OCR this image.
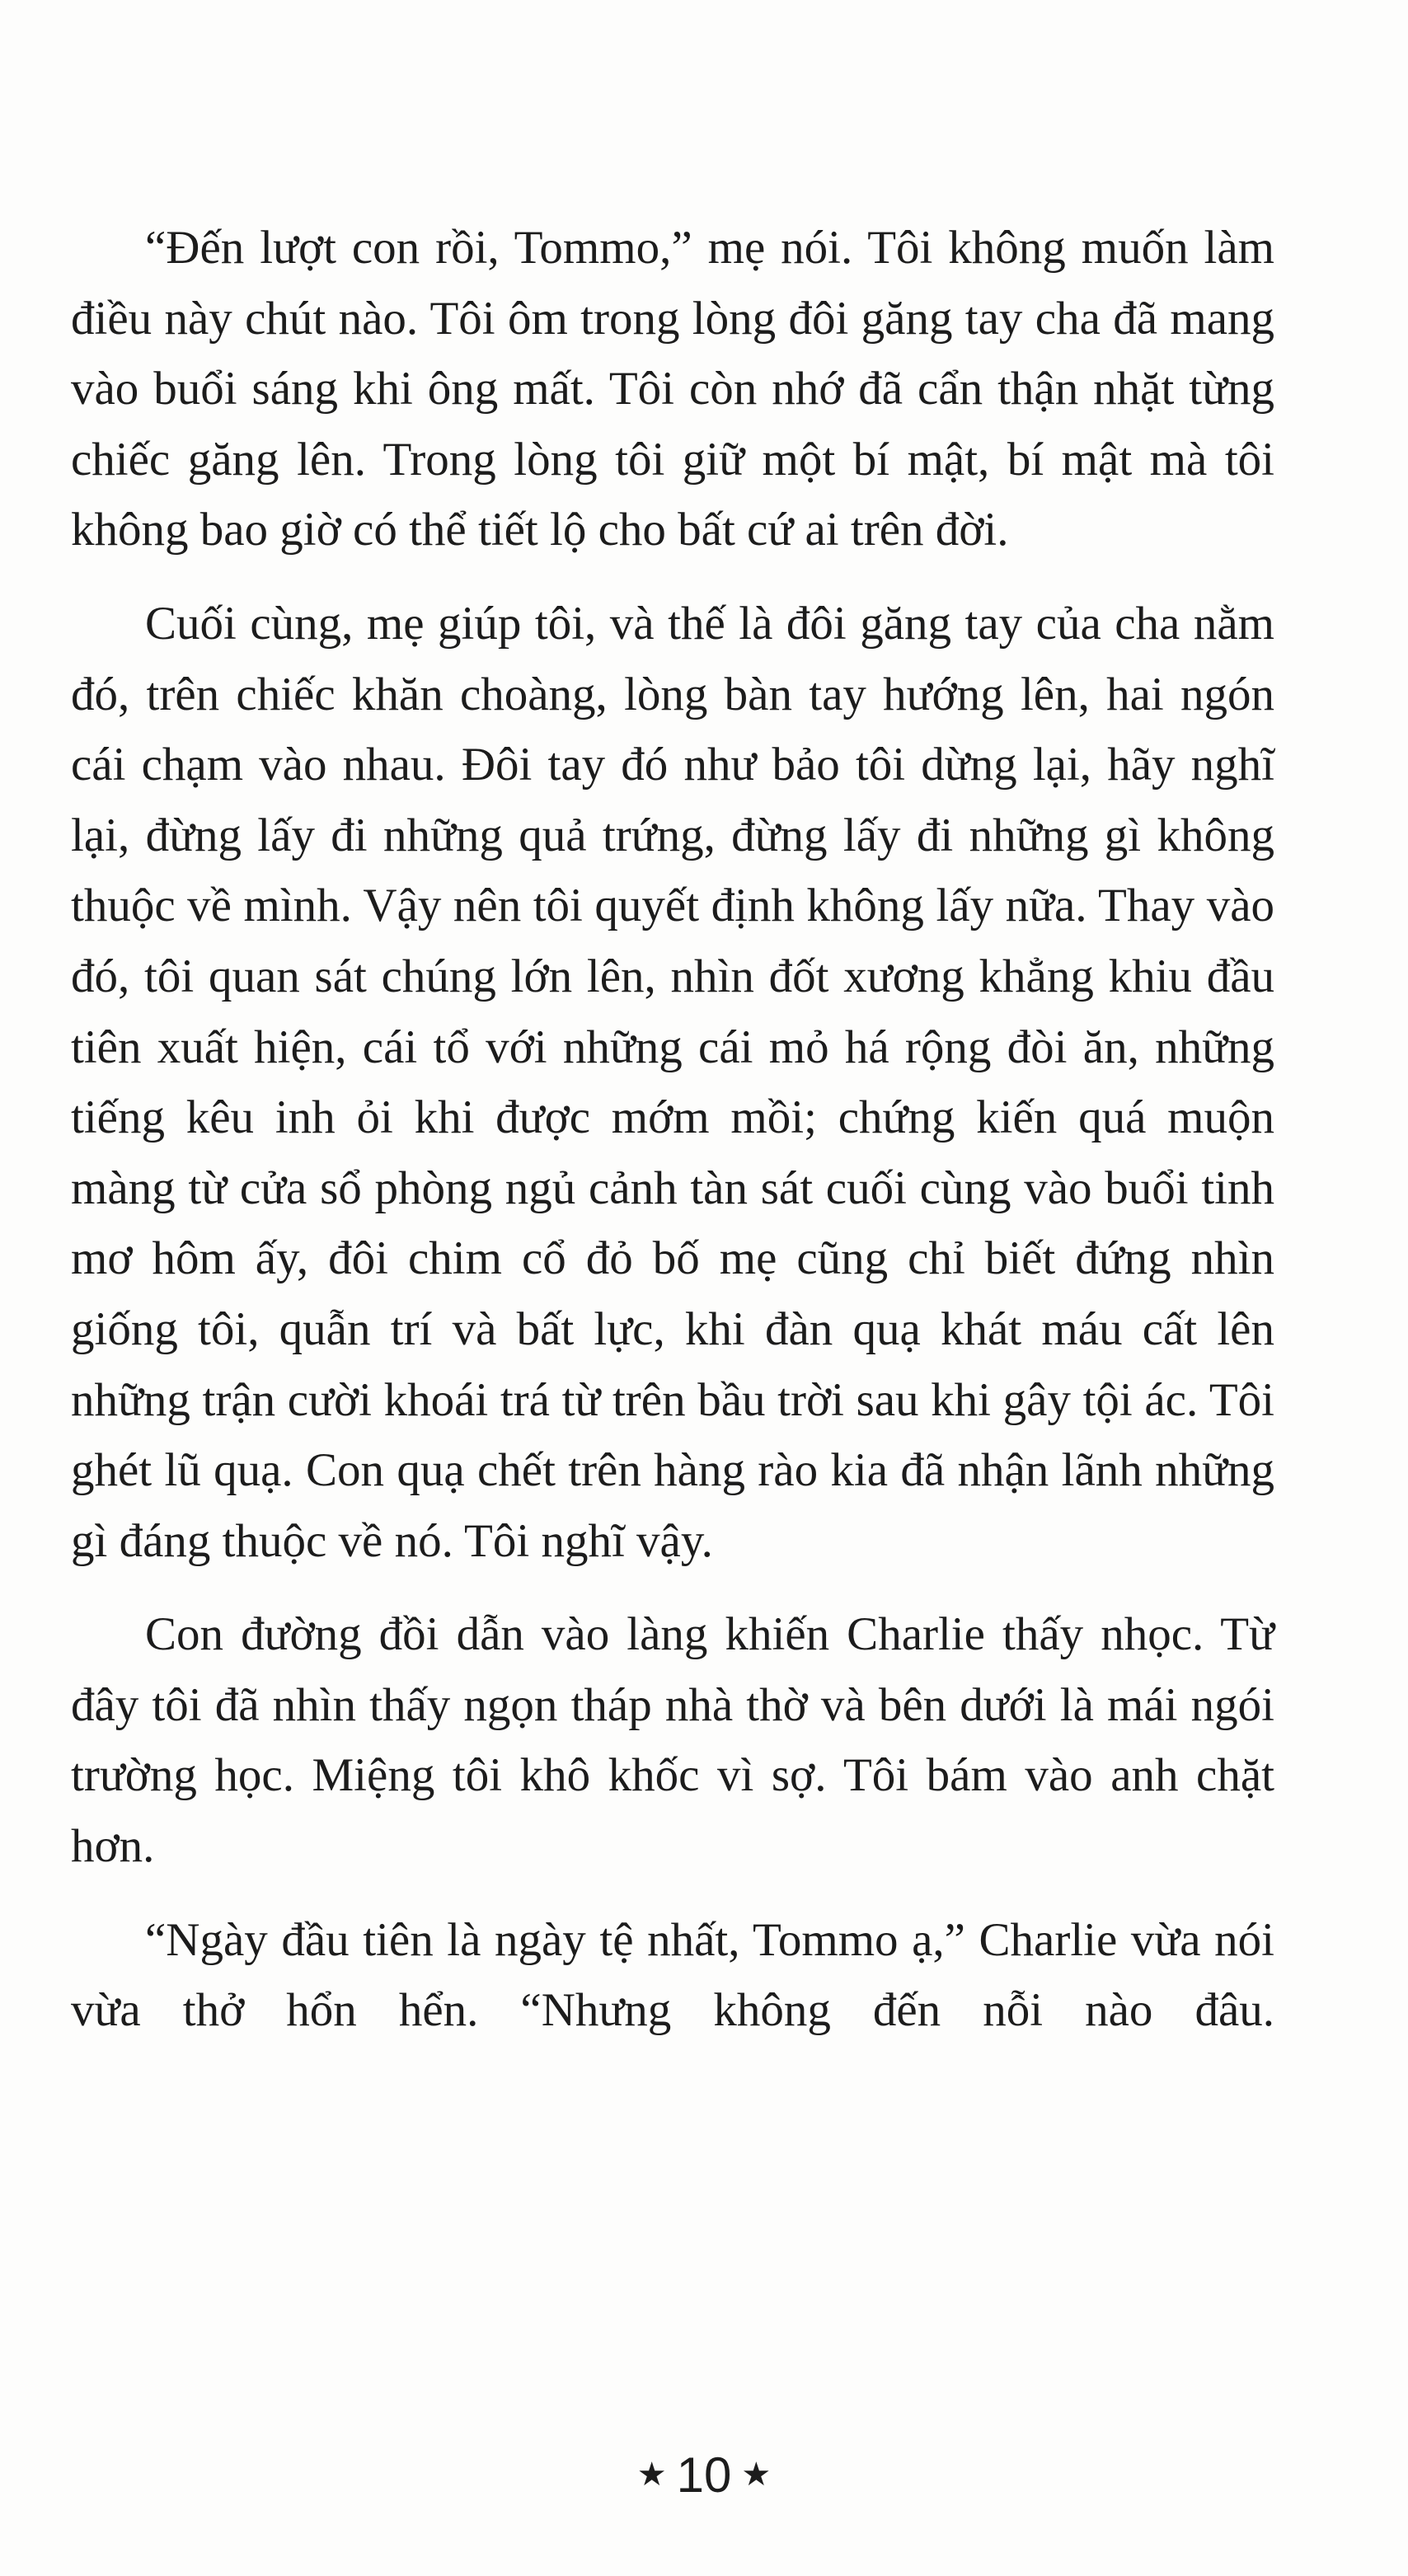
“Đến lượt con rồi, Tommo,” mẹ nói. Tôi không muốn làm điều này chút nào. Tôi ôm trong lòng đôi găng tay cha đã mang vào buổi sáng khi ông mất. Tôi còn nhớ đã cẩn thận nhặt từng chiếc găng lên. Trong lòng tôi giữ một bí mật, bí mật mà tôi không bao giờ có thể tiết lộ cho bất cứ ai trên đời.

Cuối cùng, mẹ giúp tôi, và thế là đôi găng tay của cha nằm đó, trên chiếc khăn choàng, lòng bàn tay hướng lên, hai ngón cái chạm vào nhau. Đôi tay đó như bảo tôi dừng lại, hãy nghĩ lại, đừng lấy đi những quả trứng, đừng lấy đi những gì không thuộc về mình. Vậy nên tôi quyết định không lấy nữa. Thay vào đó, tôi quan sát chúng lớn lên, nhìn đốt xương khẳng khiu đầu tiên xuất hiện, cái tổ với những cái mỏ há rộng đòi ăn, những tiếng kêu inh ỏi khi được mớm mồi; chứng kiến quá muộn màng từ cửa sổ phòng ngủ cảnh tàn sát cuối cùng vào buổi tinh mơ hôm ấy, đôi chim cổ đỏ bố mẹ cũng chỉ biết đứng nhìn giống tôi, quẫn trí và bất lực, khi đàn quạ khát máu cất lên những trận cười khoái trá từ trên bầu trời sau khi gây tội ác. Tôi ghét lũ quạ. Con quạ chết trên hàng rào kia đã nhận lãnh những gì đáng thuộc về nó. Tôi nghĩ vậy.

Con đường đồi dẫn vào làng khiến Charlie thấy nhọc. Từ đây tôi đã nhìn thấy ngọn tháp nhà thờ và bên dưới là mái ngói trường học. Miệng tôi khô khốc vì sợ. Tôi bám vào anh chặt hơn.

“Ngày đầu tiên là ngày tệ nhất, Tommo ạ,” Charlie vừa nói vừa thở hổn hển. “Nhưng không đến nỗi nào đâu.

★ 10 ★
